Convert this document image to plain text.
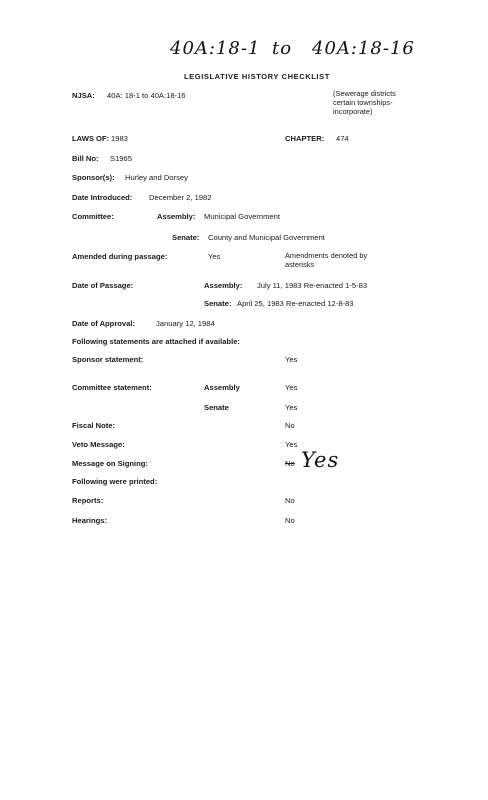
40A:18-1 to 40A:18-16
LEGISLATIVE HISTORY CHECKLIST
NJSA: 40A: 18-1 to 40A:18-16	(Sewerage districts certain townships-incorporate)
LAWS OF: 1983	CHAPTER: 474
Bill No: S1965
Sponsor(s): Hurley and Dorsey
Date Introduced: December 2, 1982
Committee:	Assembly: Municipal Government
Senate: County and Municipal Government
Amended during passage:	Yes	Amendments denoted by asterisks
Date of Passage:	Assembly: July 11, 1983 Re-enacted 1-5-83
Senate: April 25, 1983 Re-enacted 12-8-83
Date of Approval:	January 12, 1984
Following statements are attached if available:
Sponsor statement:	Yes
Committee statement:	Assembly	Yes
Senate	Yes
Fiscal Note:	No
Veto Message:	Yes
Message on Signing:	No Yes
Following were printed:
Reports:	No
Hearings:	No
